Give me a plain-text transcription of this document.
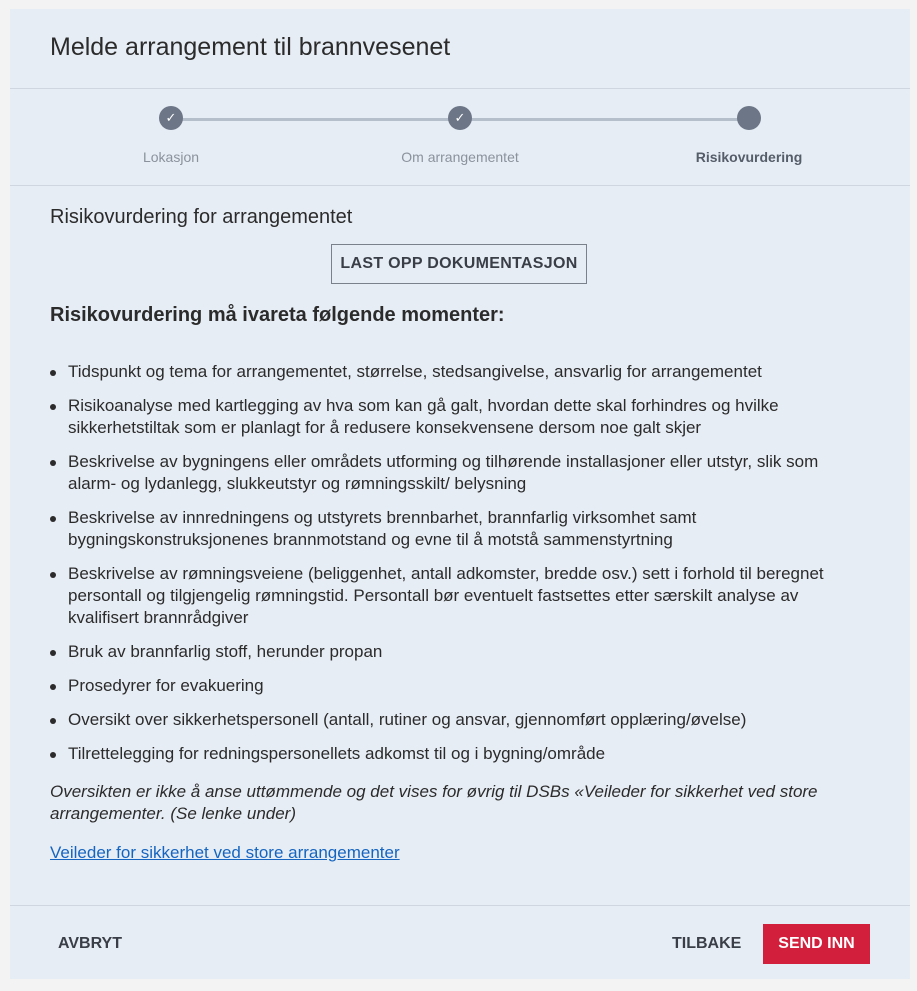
Melde arrangement til brannvesenet
✓
Lokasjon
✓
Om arrangementet	Risikovurdering
Risikovurdering for arrangementet
LAST OPP DOKUMENTASJON
Risikovurdering må ivareta følgende momenter:
Tidspunkt og tema for arrangementet, størrelse, stedsangivelse, ansvarlig for arrangementet
Risikoanalyse med kartlegging av hva som kan gå galt, hvordan dette skal forhindres og hvilke sikkerhetstiltak som er planlagt for å redusere konsekvensene dersom noe galt skjer
Beskrivelse av bygningens eller områdets utforming og tilhørende installasjoner eller utstyr, slik som alarm- og lydanlegg, slukkeutstyr og rømningsskilt/ belysning
Beskrivelse av innredningens og utstyrets brennbarhet, brannfarlig virksomhet samt bygningskonstruksjonenes brannmotstand og evne til å motstå sammenstyrtning
Beskrivelse av rømningsveiene (beliggenhet, antall adkomster, bredde osv.) sett i forhold til beregnet persontall og tilgjengelig rømningstid. Persontall bør eventuelt fastsettes etter særskilt analyse av kvalifisert brannrådgiver
Bruk av brannfarlig stoff, herunder propan
Prosedyrer for evakuering
Oversikt over sikkerhetspersonell (antall, rutiner og ansvar, gjennomført opplæring/øvelse)
Tilrettelegging for redningspersonellets adkomst til og i bygning/område

Oversikten er ikke å anse uttømmende og det vises for øvrig til DSBs «Veileder for sikkerhet ved store arrangementer. (Se lenke under)

Veileder for sikkerhet ved store arrangementer
AVBRYT	TILBAKE	SEND INN
